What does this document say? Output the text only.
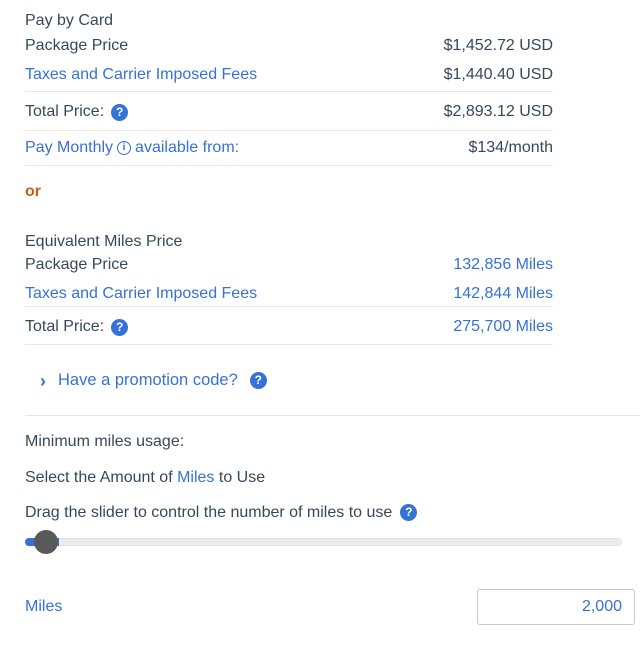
Pay by Card
Package Price	$1,452.72 USD
Taxes and Carrier Imposed Fees	$1,440.40 USD
Total Price: ?	$2,893.12 USD
Pay Monthly i available from:	$134/month
or
Equivalent Miles Price
Package Price	132,856 Miles
Taxes and Carrier Imposed Fees	142,844 Miles
Total Price: ?	275,700 Miles
› Have a promotion code?	?
Minimum miles usage:
Select the Amount of Miles to Use
Drag the slider to control the number of miles to use	?
Miles
2,000
